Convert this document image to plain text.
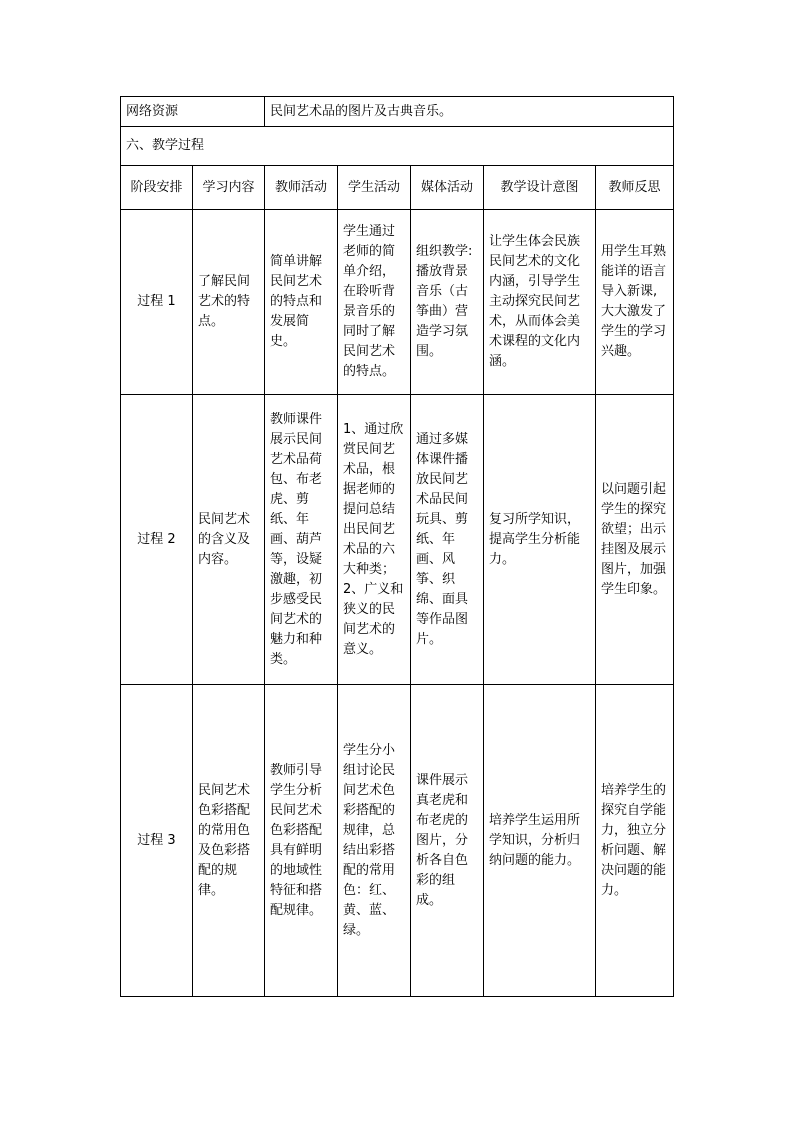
网络资源		民间艺术品的图片及古典音乐。				
六、教学过程						
阶段安排	学习内容	教师活动	学生活动	媒体活动	教学设计意图	教师反思
过程 1	了解民间艺术的特点。	简单讲解民间艺术的特点和发展简史。	学生通过老师的简单介绍，在聆听背景音乐的同时了解民间艺术的特点。	组织教学:播放背景音乐（古筝曲）营造学习氛围。	让学生体会民族民间艺术的文化内涵，引导学生主动探究民间艺术，从而体会美术课程的文化内涵。	用学生耳熟能详的语言导入新课,大大激发了学生的学习兴趣。
过程 2	民间艺术的含义及内容。	教师课件展示民间艺术品荷包、布老虎、剪纸、年画、葫芦等，设疑激趣，初步感受民间艺术的魅力和种类。	1、通过欣赏民间艺术品，根据老师的提问总结出民间艺术品的六大种类；2、广义和狭义的民间艺术的意义。	通过多媒体课件播放民间艺术品民间玩具、剪纸、年画、风筝、织绵、面具等作品图片。	复习所学知识，提高学生分析能力。	以问题引起学生的探究欲望；出示挂图及展示图片，加强学生印象。
过程 3	民间艺术色彩搭配的常用色及色彩搭配的规律。	教师引导学生分析民间艺术色彩搭配具有鲜明的地域性特征和搭配规律。	学生分小组讨论民间艺术色彩搭配的规律，总结出彩搭配的常用色：红、黄、蓝、绿。	课件展示真老虎和布老虎的图片，分析各自色彩的组成。	培养学生运用所学知识，分析归纳问题的能力。	培养学生的探究自学能力，独立分析问题、解决问题的能力。
